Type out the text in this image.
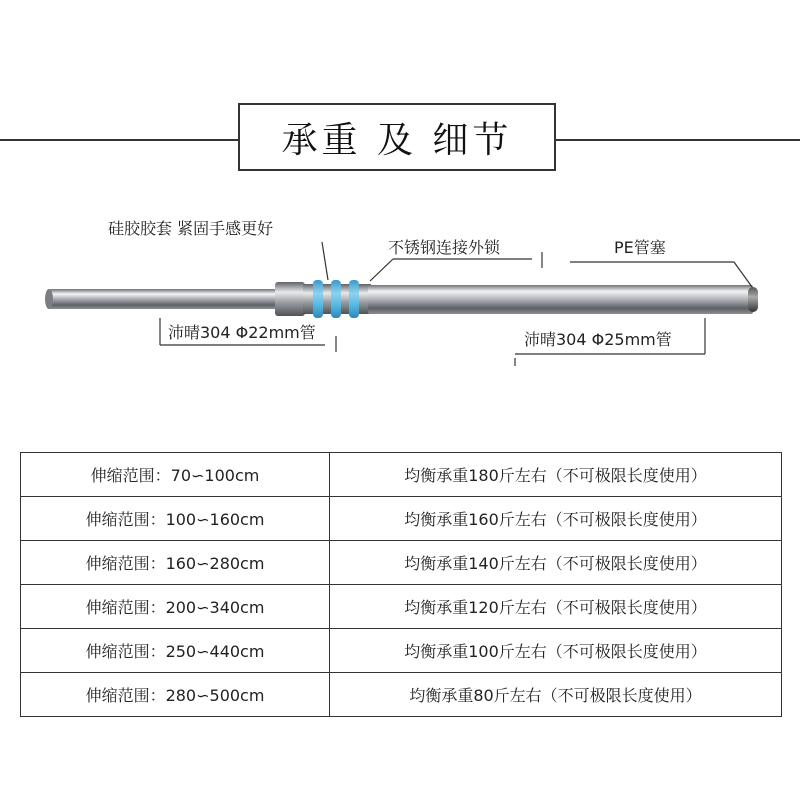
承重 及 细节
硅胶胶套 紧固手感更好
不锈钢连接外锁	PE管塞
沛晴304 Φ22mm管	沛晴304 Φ25mm管
伸缩范围：70∽100cm	均衡承重180斤左右（不可极限长度使用）
伸缩范围：100∽160cm	均衡承重160斤左右（不可极限长度使用）
伸缩范围：160∽280cm	均衡承重140斤左右（不可极限长度使用）
伸缩范围：200∽340cm	均衡承重120斤左右（不可极限长度使用）
伸缩范围：250∽440cm	均衡承重100斤左右（不可极限长度使用）
伸缩范围：280∽500cm	均衡承重80斤左右（不可极限长度使用）
